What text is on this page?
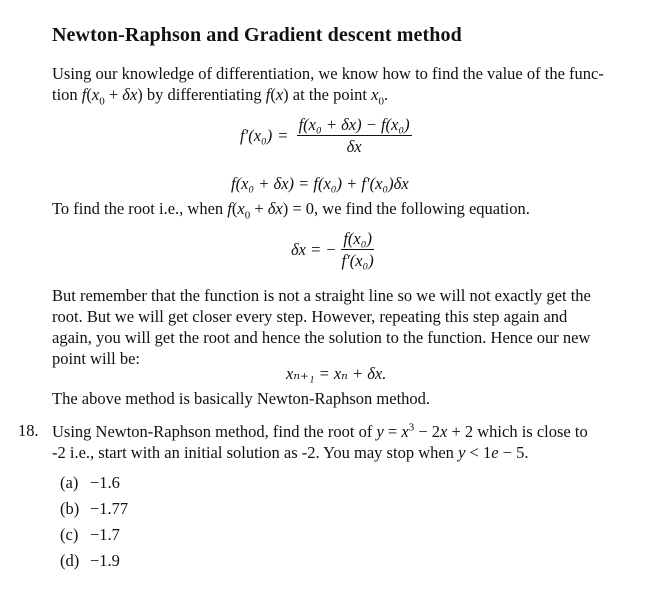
Newton-Raphson and Gradient descent method
Using our knowledge of differentiation, we know how to find the value of the func-
tion $f(x_0 + \delta x)$ by differentiating f(x) at the point $x_0$.
$f'(x_0) = \frac{\text{f(x₀ + δx) − f(x₀)}}{\delta x}$
f(x₀ + δx) = f(x₀) + f′(x₀)δx
To find the root i.e., when $f(x_0 + \delta x) = 0$, we find the following equation.
δx = − $\frac{\text{f(x₀)}}{\text{f′(x₀)}}$
But remember that the function is not a straight line so we will not exactly get the
root. But we will get closer every step. However, repeating this step again and
again, you will get the root and hence the solution to the function. Hence our new
point will be:
xₙ₊₁ = xₙ + δx.
The above method is basically Newton-Raphson method.
18. Using Newton-Raphson method, find the root of $y = x^3 - 2x + 2$ which is close to
-2 i.e., start with an initial solution as -2. You may stop when y < 1e − 5.
(a) −1.6
(b) −1.77
(c) −1.7
(d) −1.9
